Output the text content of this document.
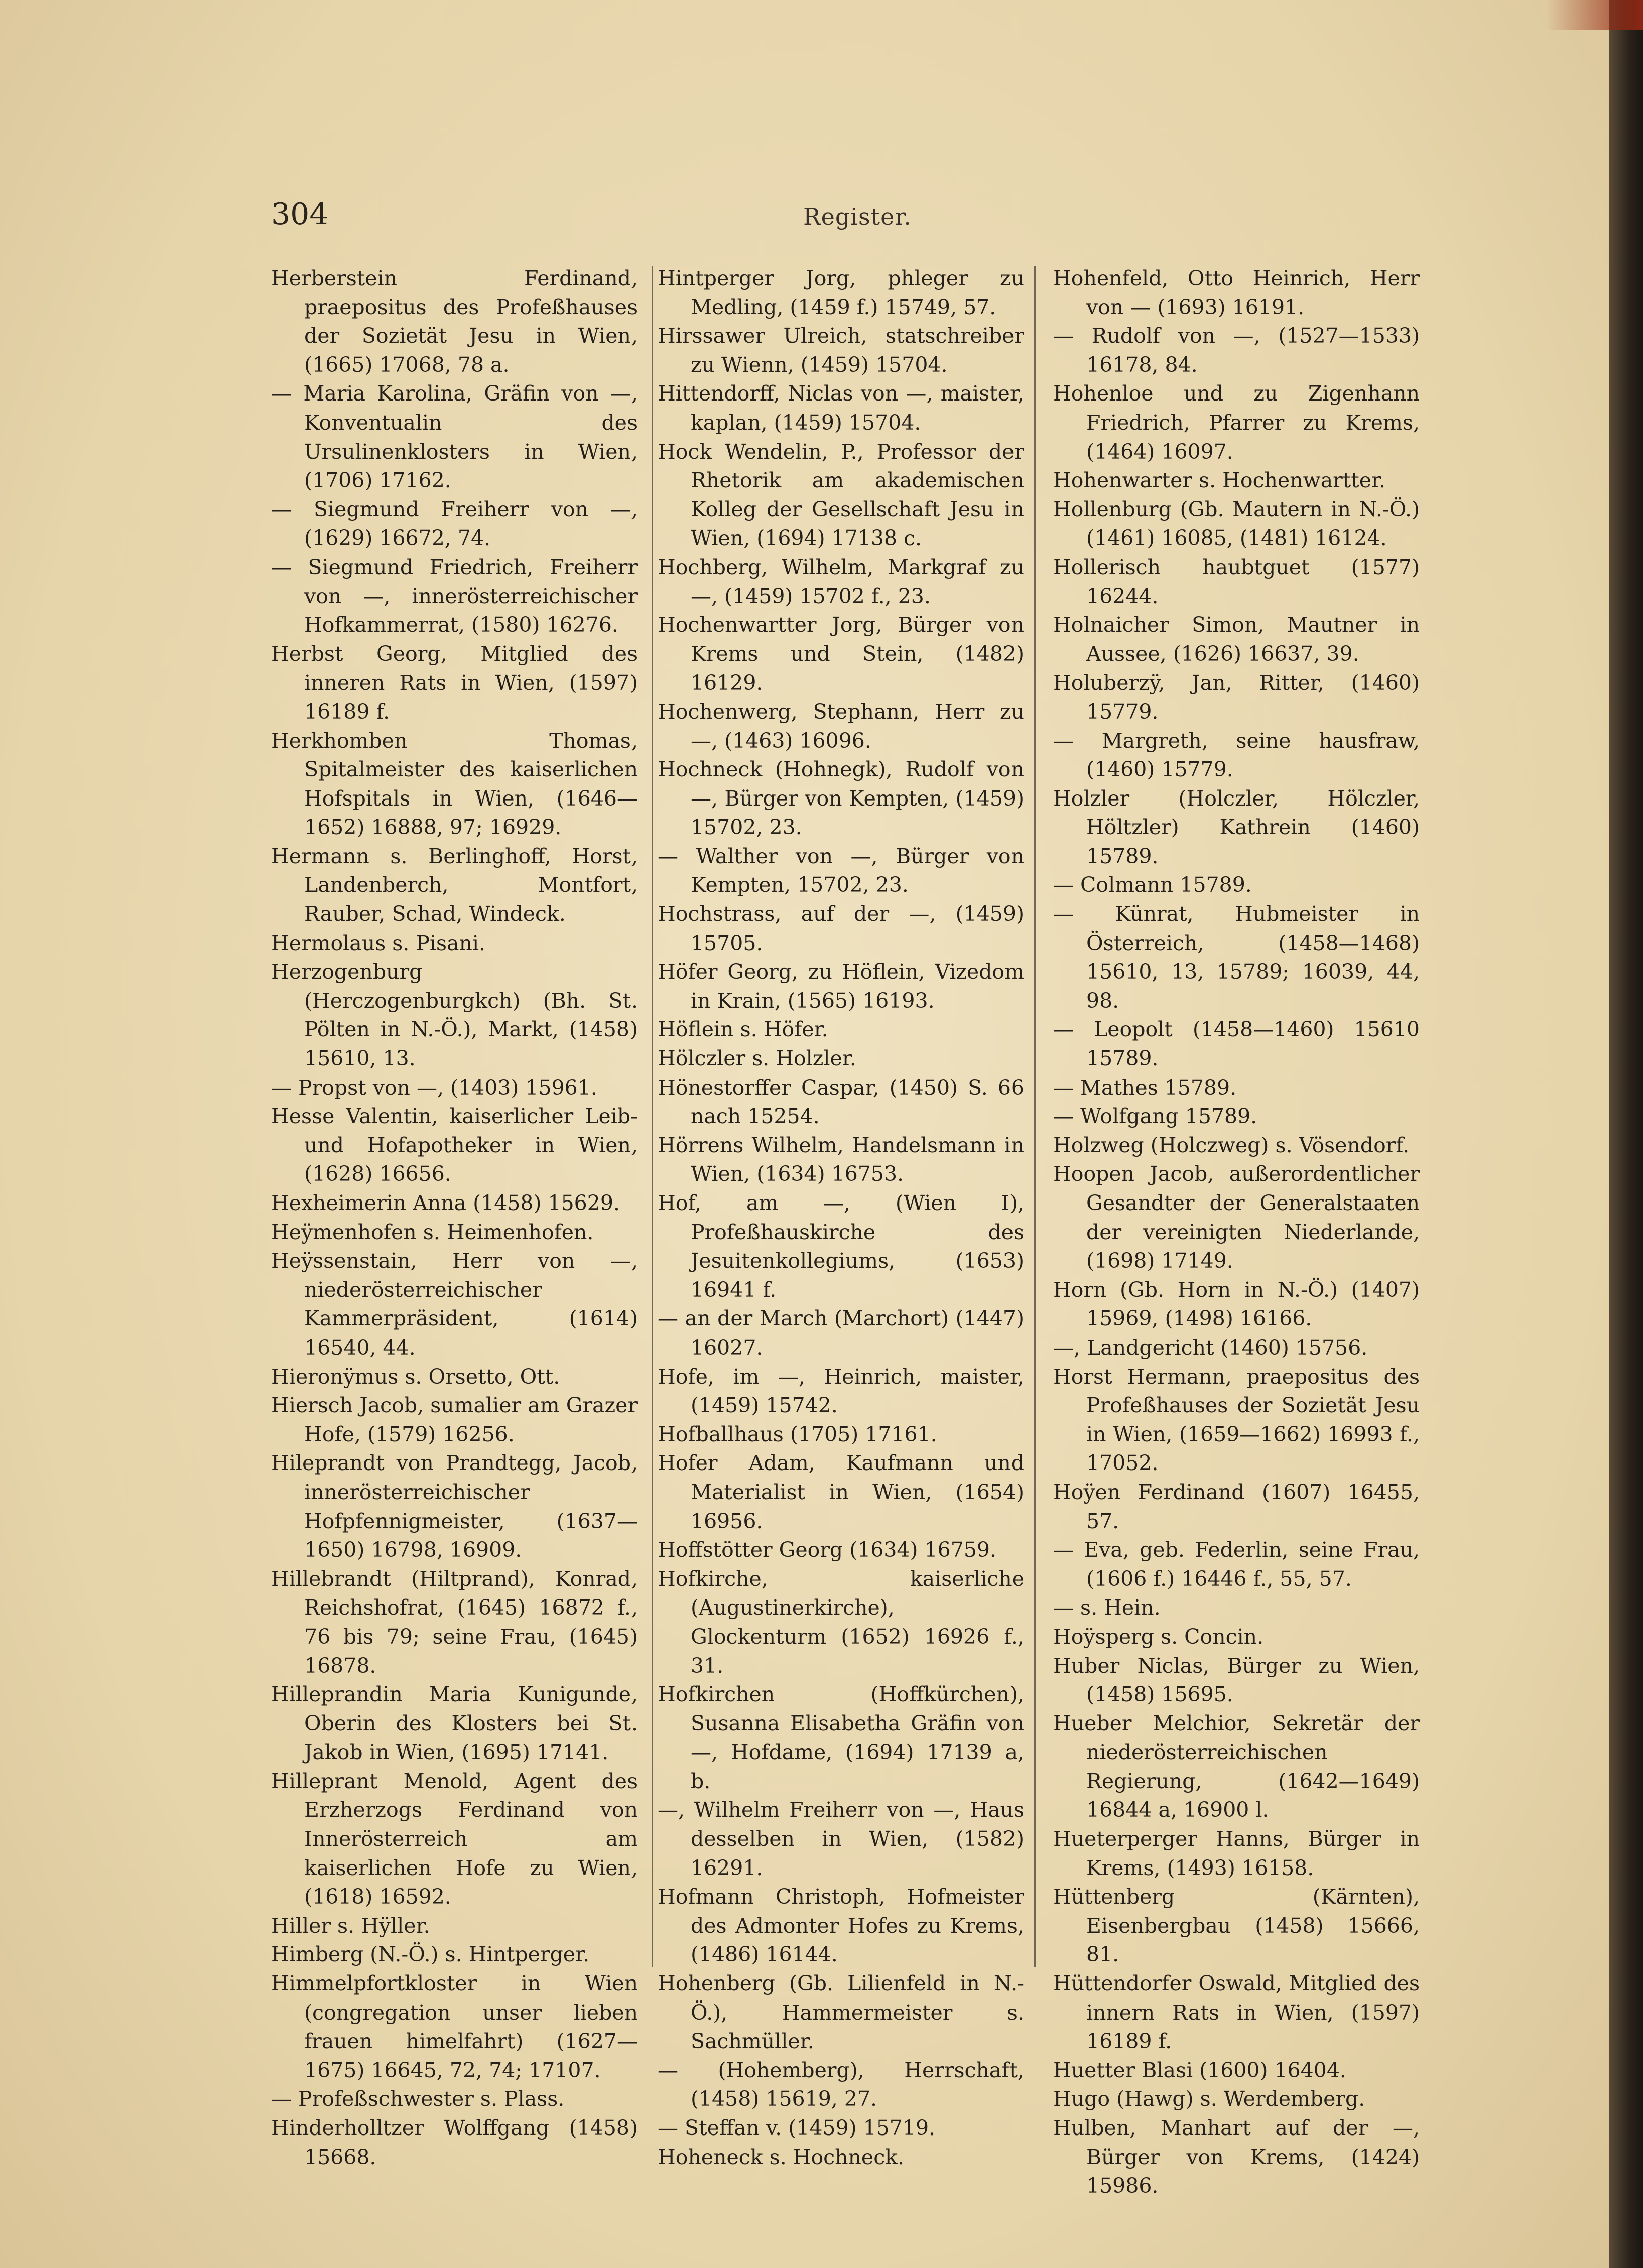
304	Register.

Herberstein Ferdinand, praepositus des Profeßhauses der Sozietät Jesu in Wien, (1665) 17068, 78 a.

— Maria Karolina, Gräfin von —, Konventualin des Ursulinenklosters in Wien, (1706) 17162.

— Siegmund Freiherr von —, (1629) 16672, 74.

— Siegmund Friedrich, Freiherr von —, innerösterreichischer Hofkammerrat, (1580) 16276.

Herbst Georg, Mitglied des inneren Rats in Wien, (1597) 16189 f.

Herkhomben Thomas, Spitalmeister des kaiserlichen Hofspitals in Wien, (1646—1652) 16888, 97; 16929.

Hermann s. Berlinghoff, Horst, Landenberch, Montfort, Rauber, Schad, Windeck.

Hermolaus s. Pisani.

Herzogenburg (Herczogenburgkch) (Bh. St. Pölten in N.-Ö.), Markt, (1458) 15610, 13.

— Propst von —, (1403) 15961.

Hesse Valentin, kaiserlicher Leib- und Hofapotheker in Wien, (1628) 16656.

Hexheimerin Anna (1458) 15629.

Heÿmenhofen s. Heimenhofen.

Heÿssenstain, Herr von —, niederösterreichischer Kammerpräsident, (1614) 16540, 44.

Hieronÿmus s. Orsetto, Ott.

Hiersch Jacob, sumalier am Grazer Hofe, (1579) 16256.

Hileprandt von Prandtegg, Jacob, innerösterreichischer Hofpfennigmeister, (1637—1650) 16798, 16909.

Hillebrandt (Hiltprand), Konrad, Reichshofrat, (1645) 16872 f., 76 bis 79; seine Frau, (1645) 16878.

Hilleprandin Maria Kunigunde, Oberin des Klosters bei St. Jakob in Wien, (1695) 17141.

Hilleprant Menold, Agent des Erzherzogs Ferdinand von Innerösterreich am kaiserlichen Hofe zu Wien, (1618) 16592.

Hiller s. Hÿller.

Himberg (N.-Ö.) s. Hintperger.

Himmelpfortkloster in Wien (congregation unser lieben frauen himelfahrt) (1627—1675) 16645, 72, 74; 17107.

— Profeßschwester s. Plass.

Hinderholltzer Wolffgang (1458) 15668.

Hintperger Jorg, phleger zu Medling, (1459 f.) 15749, 57.

Hirssawer Ulreich, statschreiber zu Wienn, (1459) 15704.

Hittendorff, Niclas von —, maister, kaplan, (1459) 15704.

Hock Wendelin, P., Professor der Rhetorik am akademischen Kolleg der Gesellschaft Jesu in Wien, (1694) 17138 c.

Hochberg, Wilhelm, Markgraf zu —, (1459) 15702 f., 23.

Hochenwartter Jorg, Bürger von Krems und Stein, (1482) 16129.

Hochenwerg, Stephann, Herr zu —, (1463) 16096.

Hochneck (Hohnegk), Rudolf von —, Bürger von Kempten, (1459) 15702, 23.

— Walther von —, Bürger von Kempten, 15702, 23.

Hochstrass, auf der —, (1459) 15705.

Höfer Georg, zu Höflein, Vizedom in Krain, (1565) 16193.

Höflein s. Höfer.

Hölczler s. Holzler.

Hönestorffer Caspar, (1450) S. 66 nach 15254.

Hörrens Wilhelm, Handelsmann in Wien, (1634) 16753.

Hof, am —, (Wien I), Profeßhauskirche des Jesuitenkollegiums, (1653) 16941 f.

— an der March (Marchort) (1447) 16027.

Hofe, im —, Heinrich, maister, (1459) 15742.

Hofballhaus (1705) 17161.

Hofer Adam, Kaufmann und Materialist in Wien, (1654) 16956.

Hoffstötter Georg (1634) 16759.

Hofkirche, kaiserliche (Augustinerkirche), Glockenturm (1652) 16926 f., 31.

Hofkirchen (Hoffkürchen), Susanna Elisabetha Gräfin von —, Hofdame, (1694) 17139 a, b.

—, Wilhelm Freiherr von —, Haus desselben in Wien, (1582) 16291.

Hofmann Christoph, Hofmeister des Admonter Hofes zu Krems, (1486) 16144.

Hohenberg (Gb. Lilienfeld in N.-Ö.), Hammermeister s. Sachmüller.

— (Hohemberg), Herrschaft, (1458) 15619, 27.

— Steffan v. (1459) 15719.

Hoheneck s. Hochneck.

Hohenfeld, Otto Heinrich, Herr von — (1693) 16191.

— Rudolf von —, (1527—1533) 16178, 84.

Hohenloe und zu Zigenhann Friedrich, Pfarrer zu Krems, (1464) 16097.

Hohenwarter s. Hochenwartter.

Hollenburg (Gb. Mautern in N.-Ö.) (1461) 16085, (1481) 16124.

Hollerisch haubtguet (1577) 16244.

Holnaicher Simon, Mautner in Aussee, (1626) 16637, 39.

Holuberzÿ, Jan, Ritter, (1460) 15779.

— Margreth, seine hausfraw, (1460) 15779.

Holzler (Holczler, Hölczler, Höltzler) Kathrein (1460) 15789.

— Colmann 15789.

— Künrat, Hubmeister in Österreich, (1458—1468) 15610, 13, 15789; 16039, 44, 98.

— Leopolt (1458—1460) 15610 15789.

— Mathes 15789.

— Wolfgang 15789.

Holzweg (Holczweg) s. Vösendorf.

Hoopen Jacob, außerordentlicher Gesandter der Generalstaaten der vereinigten Niederlande, (1698) 17149.

Horn (Gb. Horn in N.-Ö.) (1407) 15969, (1498) 16166.

—, Landgericht (1460) 15756.

Horst Hermann, praepositus des Profeßhauses der Sozietät Jesu in Wien, (1659—1662) 16993 f., 17052.

Hoÿen Ferdinand (1607) 16455, 57.

— Eva, geb. Federlin, seine Frau, (1606 f.) 16446 f., 55, 57.

— s. Hein.

Hoÿsperg s. Concin.

Huber Niclas, Bürger zu Wien, (1458) 15695.

Hueber Melchior, Sekretär der niederösterreichischen Regierung, (1642—1649) 16844 a, 16900 l.

Hueterperger Hanns, Bürger in Krems, (1493) 16158.

Hüttenberg (Kärnten), Eisenbergbau (1458) 15666, 81.

Hüttendorfer Oswald, Mitglied des innern Rats in Wien, (1597) 16189 f.

Huetter Blasi (1600) 16404.

Hugo (Hawg) s. Werdemberg.

Hulben, Manhart auf der —, Bürger von Krems, (1424) 15986.
